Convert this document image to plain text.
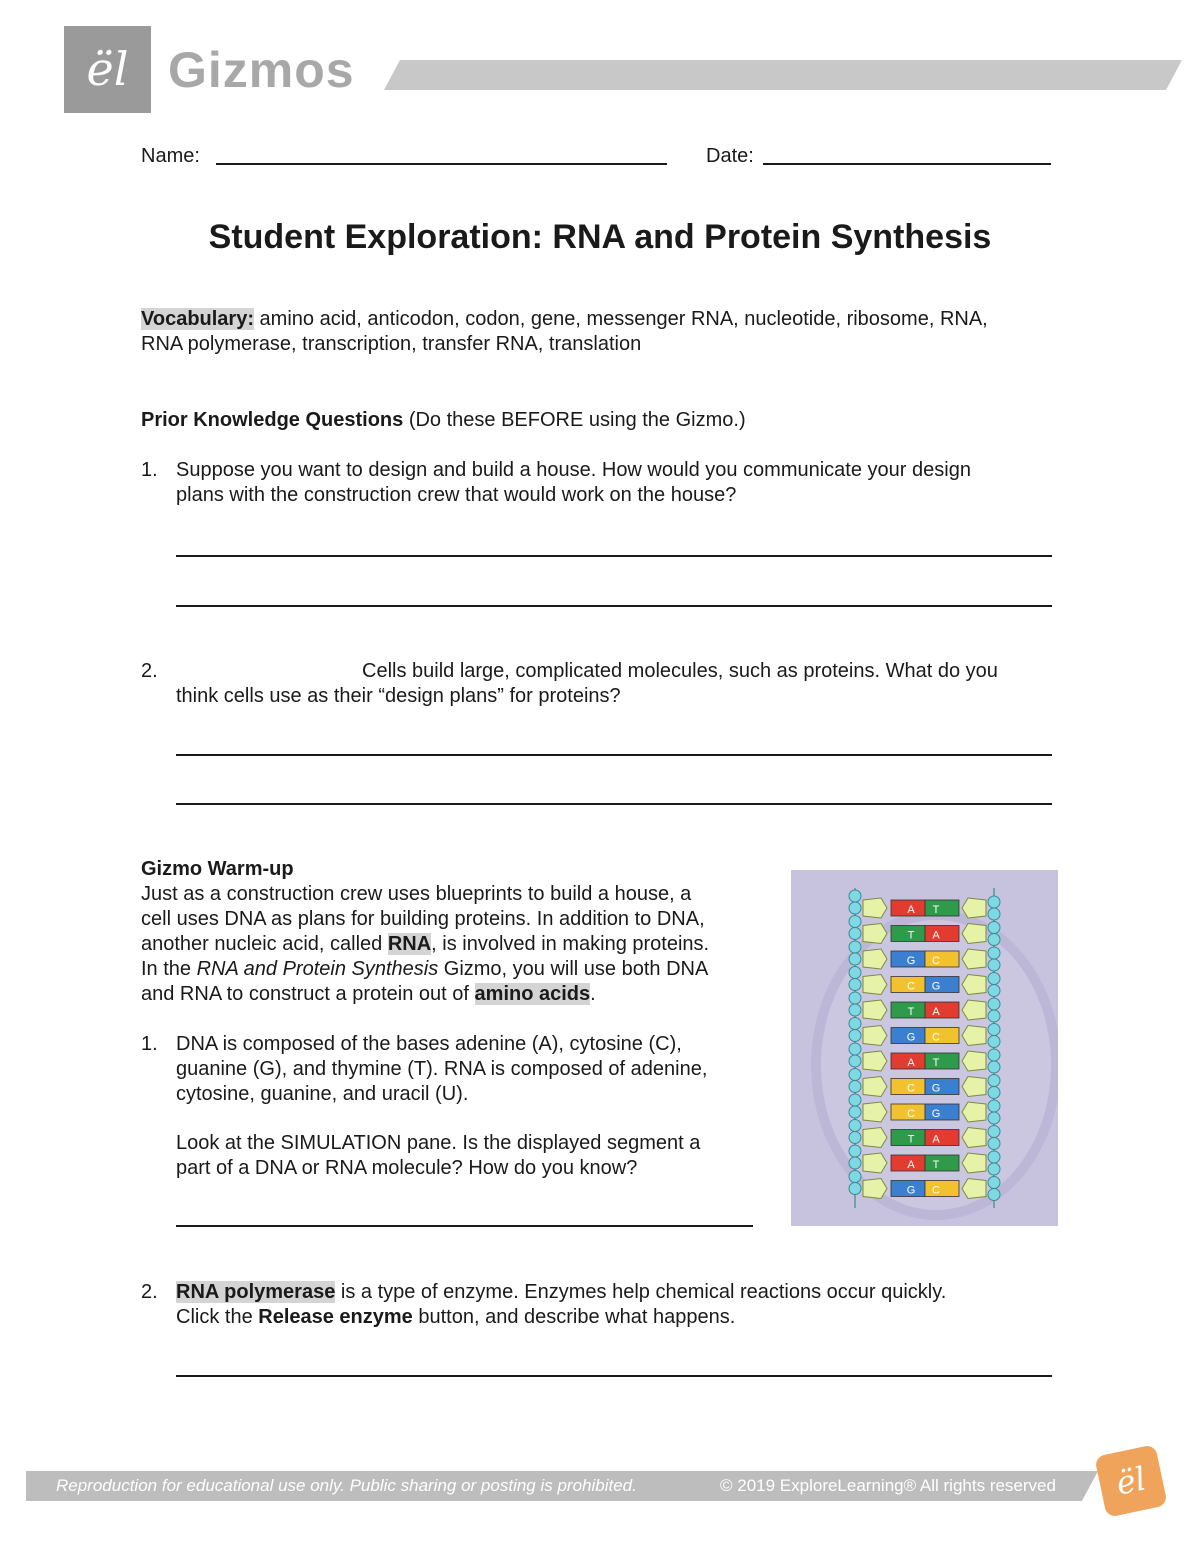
ël Gizmos
Name:	Date:
Student Exploration: RNA and Protein Synthesis
Vocabulary: amino acid, anticodon, codon, gene, messenger RNA, nucleotide, ribosome, RNA,
RNA polymerase, transcription, transfer RNA, translation
Prior Knowledge Questions (Do these BEFORE using the Gizmo.)
1. Suppose you want to design and build a house. How would you communicate your design
plans with the construction crew that would work on the house?
2.	Cells build large, complicated molecules, such as proteins. What do you
think cells use as their “design plans” for proteins?
Gizmo Warm-up
Just as a construction crew uses blueprints to build a house, a
cell uses DNA as plans for building proteins. In addition to DNA,
another nucleic acid, called RNA, is involved in making proteins.
In the RNA and Protein Synthesis Gizmo, you will use both DNA
and RNA to construct a protein out of amino acids.
1. DNA is composed of the bases adenine (A), cytosine (C),
guanine (G), and thymine (T). RNA is composed of adenine,
cytosine, guanine, and uracil (U).
Look at the SIMULATION pane. Is the displayed segment a
part of a DNA or RNA molecule? How do you know?
A T
T A
G C
C G
T A
G C
A T
C G
C G
T A
A T
G C
2. RNA polymerase is a type of enzyme. Enzymes help chemical reactions occur quickly.
Click the Release enzyme button, and describe what happens.
Reproduction for educational use only. Public sharing or posting is prohibited.	© 2019 ExploreLearning® All rights reserved	ël
